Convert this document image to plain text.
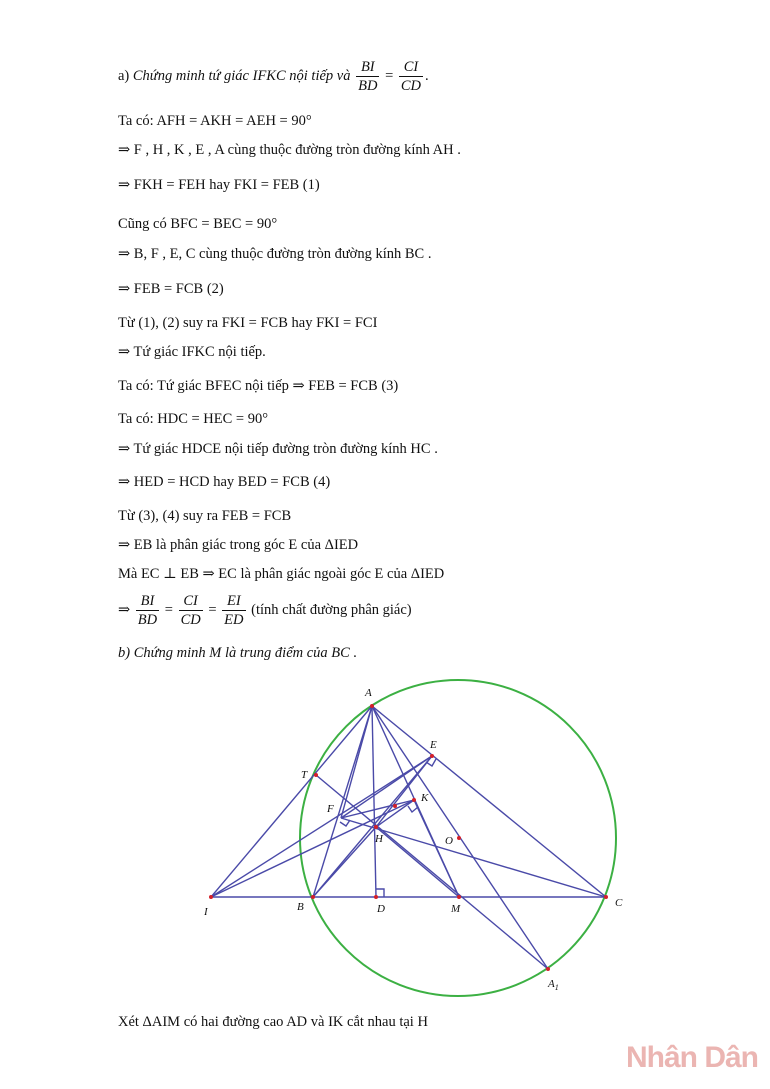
a) Chứng minh tứ giác IFKC nội tiếp và $\frac{BI}{BD} = \frac{CI}{CD}$ .
Ta có: AFH = AKH = AEH = 90°
⇒ F , H , K , E , A cùng thuộc đường tròn đường kính AH .
⇒ FKH = FEH hay FKI = FEB (1)
Cũng có BFC = BEC = 90°
⇒ B, F , E, C cùng thuộc đường tròn đường kính BC .
⇒ FEB = FCB (2)
Từ (1), (2) suy ra FKI = FCB hay FKI = FCI
⇒ Tứ giác IFKC nội tiếp.
Ta có: Tứ giác BFEC nội tiếp ⇒ FEB = FCB (3)
Ta có: HDC = HEC = 90°
⇒ Tứ giác HDCE nội tiếp đường tròn đường kính HC .
⇒ HED = HCD hay BED = FCB (4)
Từ (3), (4) suy ra FEB = FCB
⇒ EB là phân giác trong góc E của ΔIED
Mà EC ⊥ EB ⇒ EC là phân giác ngoài góc E của ΔIED
⇒ $\frac{BI}{BD} = \frac{CI}{CD} = \frac{EI}{ED}$ (tính chất đường phân giác)
b) Chứng minh M là trung điểm của BC .
A
E
T
F
K
H	O
I	B	D	M	C
$A_1$
Xét ΔAIM có hai đường cao AD và IK cắt nhau tại H
Nhân Dân
